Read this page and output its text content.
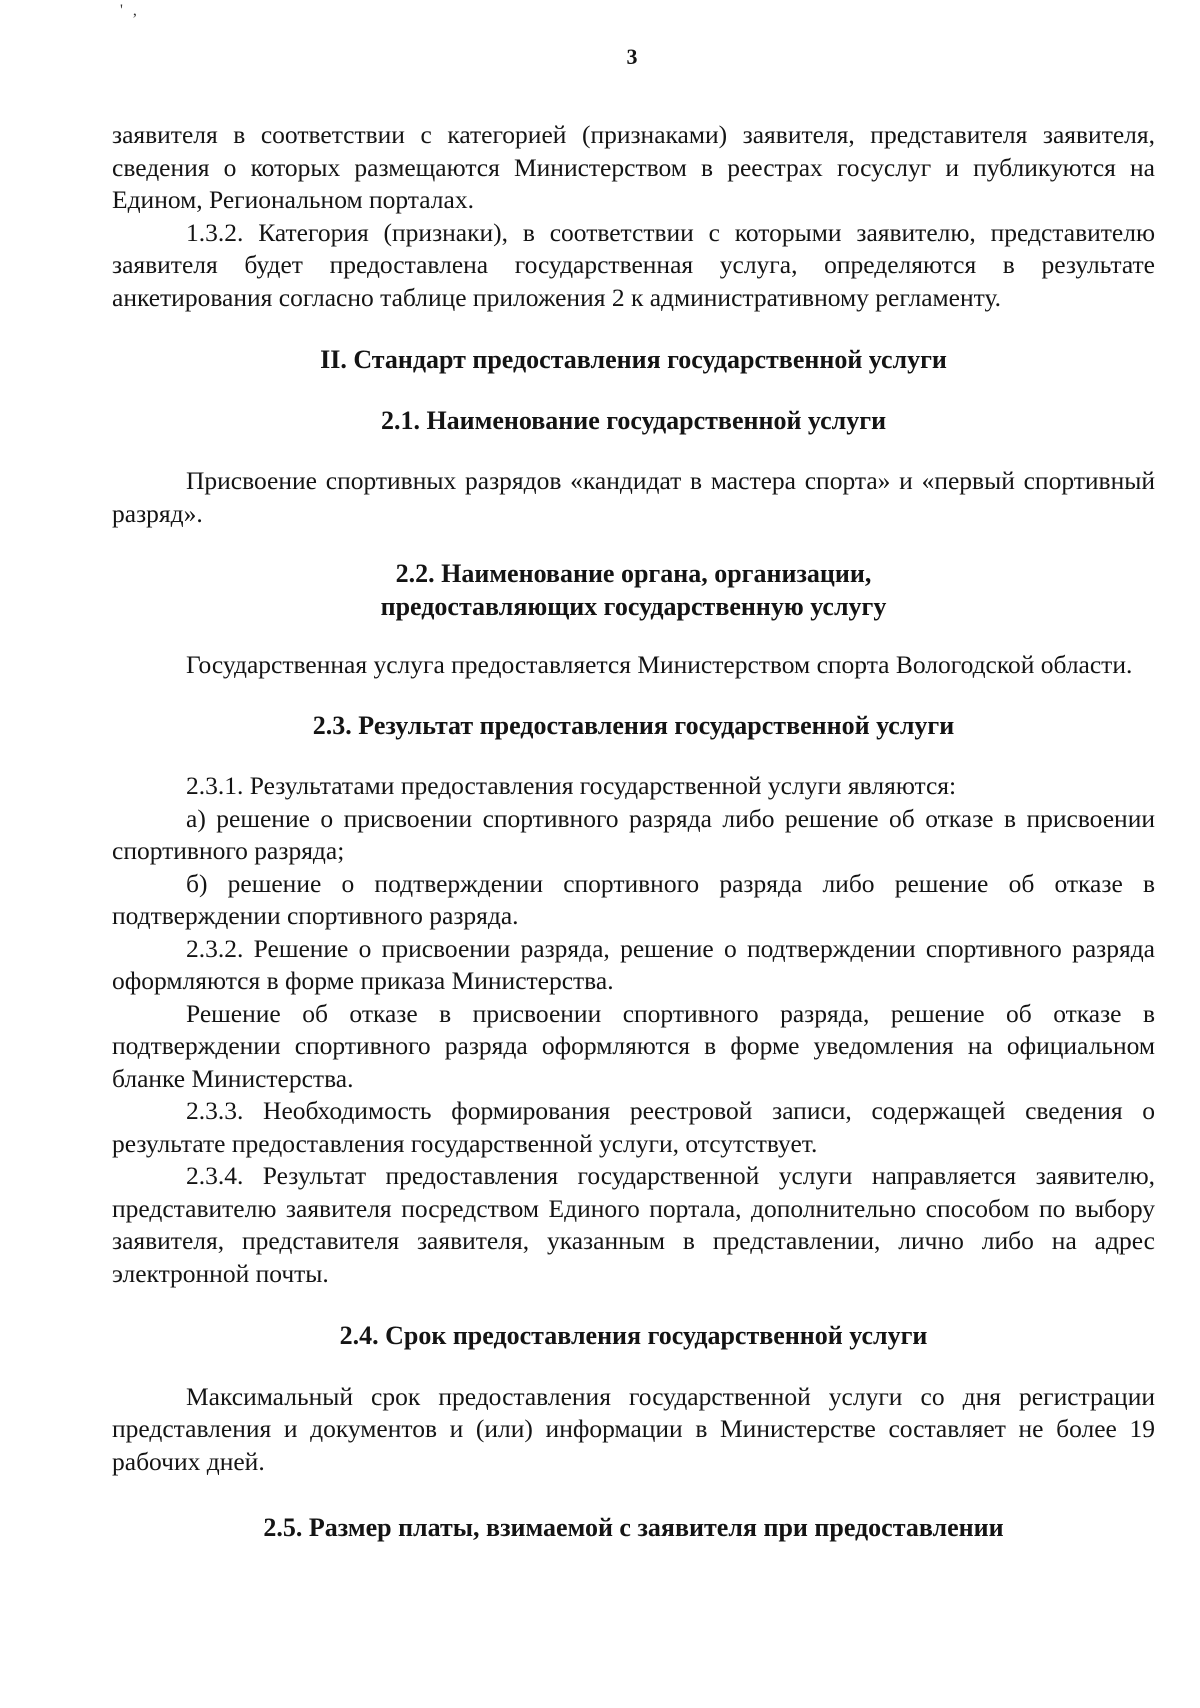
' ,
3

заявителя в соответствии с категорией (признаками) заявителя, представителя заявителя, сведения о которых размещаются Министерством в реестрах госуслуг и публикуются на Едином, Региональном порталах.

1.3.2. Категория (признаки), в соответствии с которыми заявителю, представителю заявителя будет предоставлена государственная услуга, определяются в результате анкетирования согласно таблице приложения 2 к административному регламенту.

II. Стандарт предоставления государственной услуги

2.1. Наименование государственной услуги

Присвоение спортивных разрядов «кандидат в мастера спорта» и «первый спортивный разряд».

2.2. Наименование органа, организации,

предоставляющих государственную услугу

Государственная услуга предоставляется Министерством спорта Вологодской области.

2.3. Результат предоставления государственной услуги

2.3.1. Результатами предоставления государственной услуги являются:

а) решение о присвоении спортивного разряда либо решение об отказе в присвоении спортивного разряда;

б) решение о подтверждении спортивного разряда либо решение об отказе в подтверждении спортивного разряда.

2.3.2. Решение о присвоении разряда, решение о подтверждении спортивного разряда оформляются в форме приказа Министерства.

Решение об отказе в присвоении спортивного разряда, решение об отказе в подтверждении спортивного разряда оформляются в форме уведомления на официальном бланке Министерства.

2.3.3. Необходимость формирования реестровой записи, содержащей сведения о результате предоставления государственной услуги, отсутствует.

2.3.4. Результат предоставления государственной услуги направляется заявителю, представителю заявителя посредством Единого портала, дополнительно способом по выбору заявителя, представителя заявителя, указанным в представлении, лично либо на адрес электронной почты.

2.4. Срок предоставления государственной услуги

Максимальный срок предоставления государственной услуги со дня регистрации представления и документов и (или) информации в Министерстве составляет не более 19 рабочих дней.

2.5. Размер платы, взимаемой с заявителя при предоставлении
